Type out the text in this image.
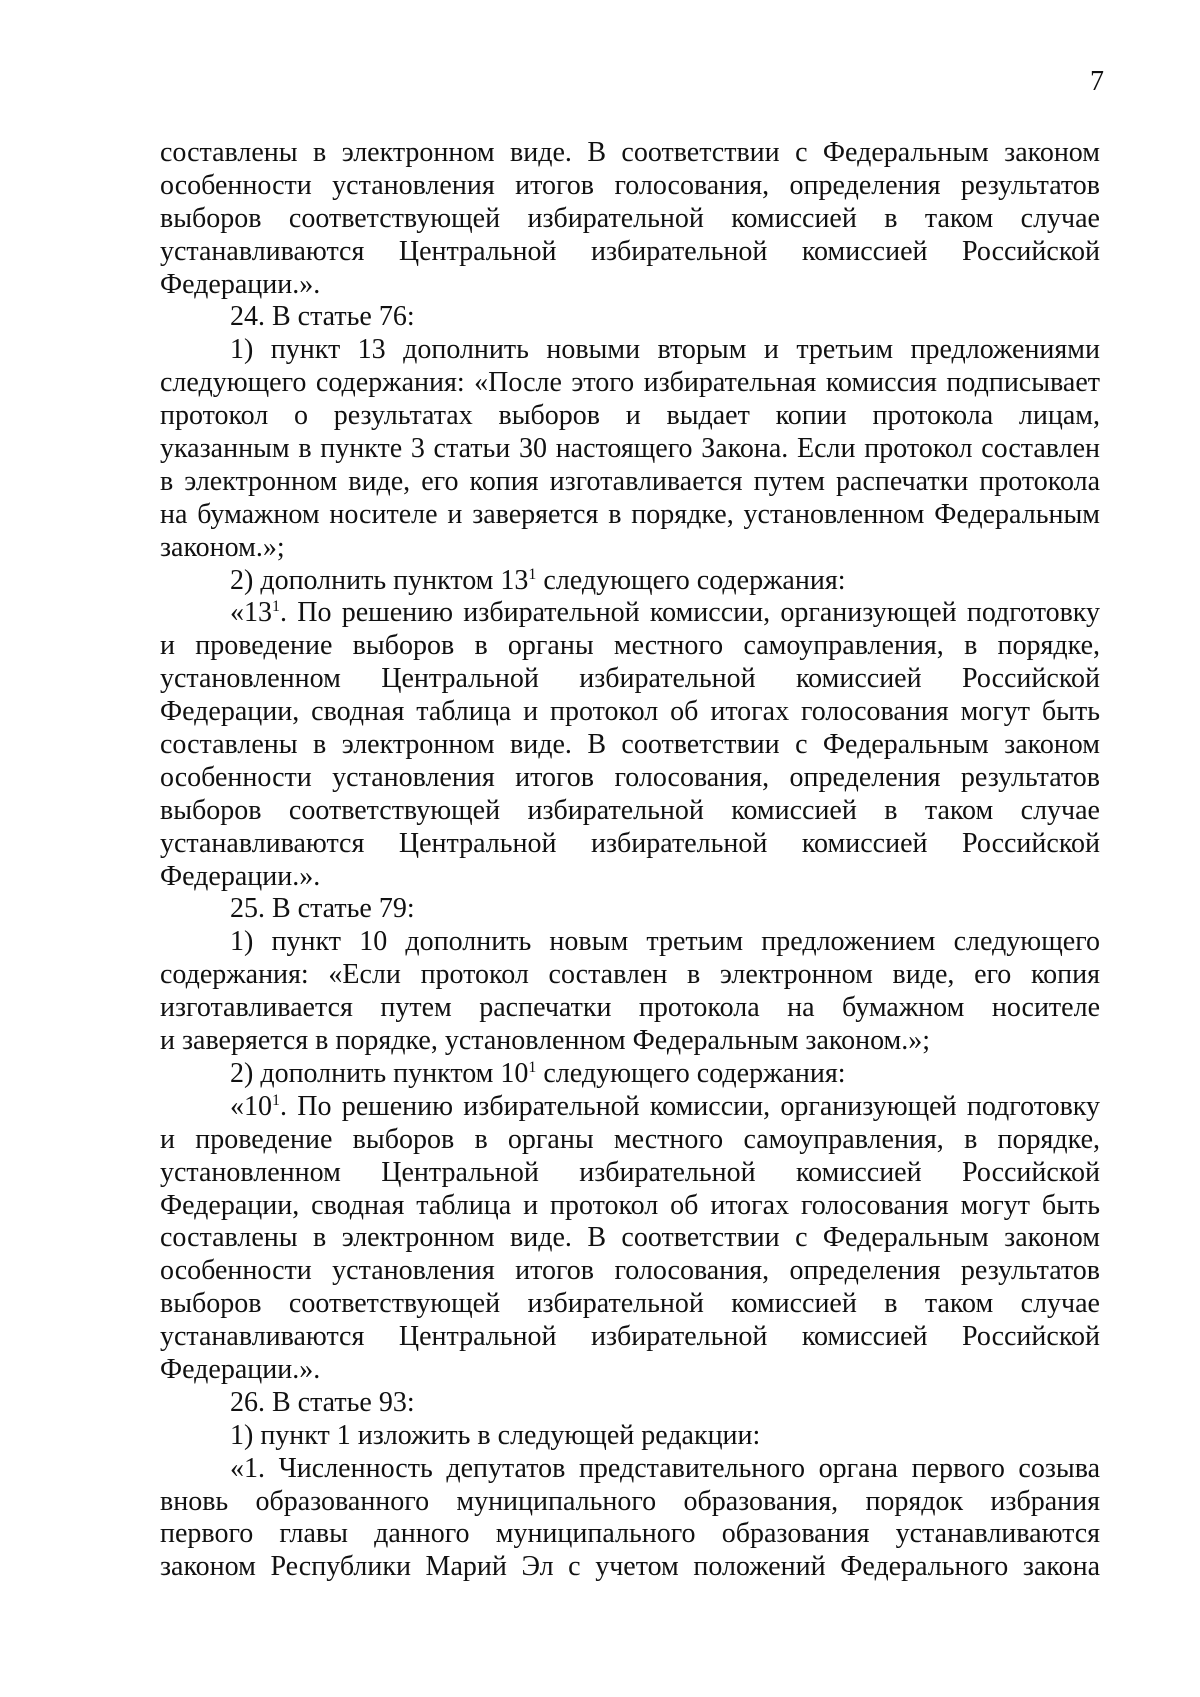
7
составлены в электронном виде. В соответствии с Федеральным законом
особенности установления итогов голосования, определения результатов
выборов соответствующей избирательной комиссией в таком случае
устанавливаются Центральной избирательной комиссией Российской
Федерации.».
24. В статье 76:
1) пункт 13 дополнить новыми вторым и третьим предложениями
следующего содержания: «После этого избирательная комиссия подписывает
протокол о результатах выборов и выдает копии протокола лицам,
указанным в пункте 3 статьи 30 настоящего Закона. Если протокол составлен
в электронном виде, его копия изготавливается путем распечатки протокола
на бумажном носителе и заверяется в порядке, установленном Федеральным
законом.»;
2) дополнить пунктом $13^1$ следующего содержания:
«$13^1$. По решению избирательной комиссии, организующей подготовку
и проведение выборов в органы местного самоуправления, в порядке,
установленном Центральной избирательной комиссией Российской
Федерации, сводная таблица и протокол об итогах голосования могут быть
составлены в электронном виде. В соответствии с Федеральным законом
особенности установления итогов голосования, определения результатов
выборов соответствующей избирательной комиссией в таком случае
устанавливаются Центральной избирательной комиссией Российской
Федерации.».
25. В статье 79:
1) пункт 10 дополнить новым третьим предложением следующего
содержания: «Если протокол составлен в электронном виде, его копия
изготавливается путем распечатки протокола на бумажном носителе
и заверяется в порядке, установленном Федеральным законом.»;
2) дополнить пунктом $10^1$ следующего содержания:
«$10^1$. По решению избирательной комиссии, организующей подготовку
и проведение выборов в органы местного самоуправления, в порядке,
установленном Центральной избирательной комиссией Российской
Федерации, сводная таблица и протокол об итогах голосования могут быть
составлены в электронном виде. В соответствии с Федеральным законом
особенности установления итогов голосования, определения результатов
выборов соответствующей избирательной комиссией в таком случае
устанавливаются Центральной избирательной комиссией Российской
Федерации.».
26. В статье 93:
1) пункт 1 изложить в следующей редакции:
«1. Численность депутатов представительного органа первого созыва
вновь образованного муниципального образования, порядок избрания
первого главы данного муниципального образования устанавливаются
законом Республики Марий Эл с учетом положений Федерального закона
